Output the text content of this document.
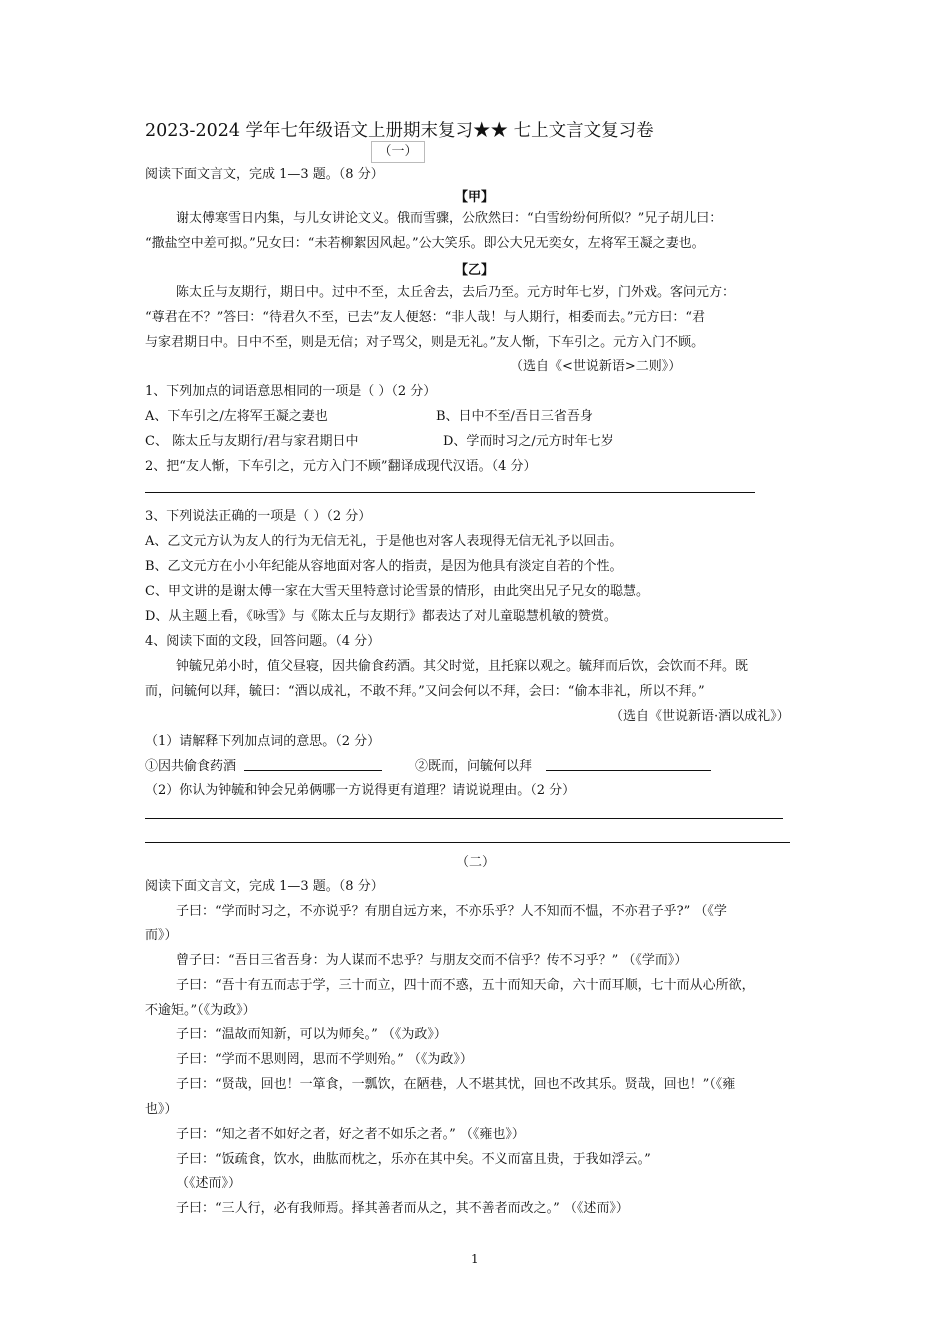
2023-2024 学年七年级语文上册期末复习★★ 七上文言文复习卷
（一）
阅读下面文言文，完成 1—3 题。（8 分）
【甲】
谢太傅寒雪日内集，与儿女讲论文义。俄而雪骤，公欣然曰：“白雪纷纷何所似？”兄子胡儿曰：
“撒盐空中差可拟。”兄女曰：“未若柳絮因风起。”公大笑乐。即公大兄无奕女，左将军王凝之妻也。
【乙】
陈太丘与友期行，期日中。过中不至，太丘舍去，去后乃至。元方时年七岁，门外戏。客问元方：
“尊君在不？”答曰：“待君久不至，已去”友人便怒：“非人哉！与人期行，相委而去。”元方曰：“君
与家君期日中。日中不至，则是无信；对子骂父，则是无礼。”友人惭，下车引之。元方入门不顾。
（选自《<世说新语>二则》）
1、下列加点的词语意思相同的一项是（ ）（2 分）
A、下车引之/左将军王凝之妻也	B、日中不至/吾日三省吾身
C、 陈太丘与友期行/君与家君期日中	D、学而时习之/元方时年七岁
2、把“友人惭，下车引之，元方入门不顾”翻译成现代汉语。（4 分）
3、下列说法正确的一项是（ ）（2 分）
A、乙文元方认为友人的行为无信无礼，于是他也对客人表现得无信无礼予以回击。
B、乙文元方在小小年纪能从容地面对客人的指责，是因为他具有淡定自若的个性。
C、甲文讲的是谢太傅一家在大雪天里特意讨论雪景的情形，由此突出兄子兄女的聪慧。
D、从主题上看，《咏雪》与《陈太丘与友期行》都表达了对儿童聪慧机敏的赞赏。
4、阅读下面的文段，回答问题。（4 分）
钟毓兄弟小时，值父昼寝，因共偷食药酒。其父时觉，且托寐以观之。毓拜而后饮，会饮而不拜。既
而，问毓何以拜，毓曰：“酒以成礼，不敢不拜。”又问会何以不拜，会曰：“偷本非礼，所以不拜。”
（选自《世说新语·酒以成礼》）
（1）请解释下列加点词的意思。（2 分）
①因共偷食药酒	②既而，问毓何以拜
（2）你认为钟毓和钟会兄弟俩哪一方说得更有道理？请说说理由。（2 分）
（二）
阅读下面文言文，完成 1—3 题。（8 分）
子曰：“学而时习之，不亦说乎？有朋自远方来，不亦乐乎？人不知而不愠，不亦君子乎?” （《学
而》）
曾子曰：“吾日三省吾身：为人谋而不忠乎？与朋友交而不信乎？传不习乎？” （《学而》）
子曰：“吾十有五而志于学，三十而立，四十而不惑，五十而知天命，六十而耳顺，七十而从心所欲，
不逾矩。”（《为政》）
子曰：“温故而知新，可以为师矣。” （《为政》）
子曰：“学而不思则罔，思而不学则殆。” （《为政》）
子曰：“贤哉，回也！一箪食，一瓢饮，在陋巷，人不堪其忧，回也不改其乐。贤哉，回也！”（《雍
也》）
子曰：“知之者不如好之者，好之者不如乐之者。” （《雍也》）
子曰：“饭疏食，饮水，曲肱而枕之，乐亦在其中矣。不义而富且贵，于我如浮云。”
（《述而》）
子曰：“三人行，必有我师焉。择其善者而从之，其不善者而改之。” （《述而》）
1
